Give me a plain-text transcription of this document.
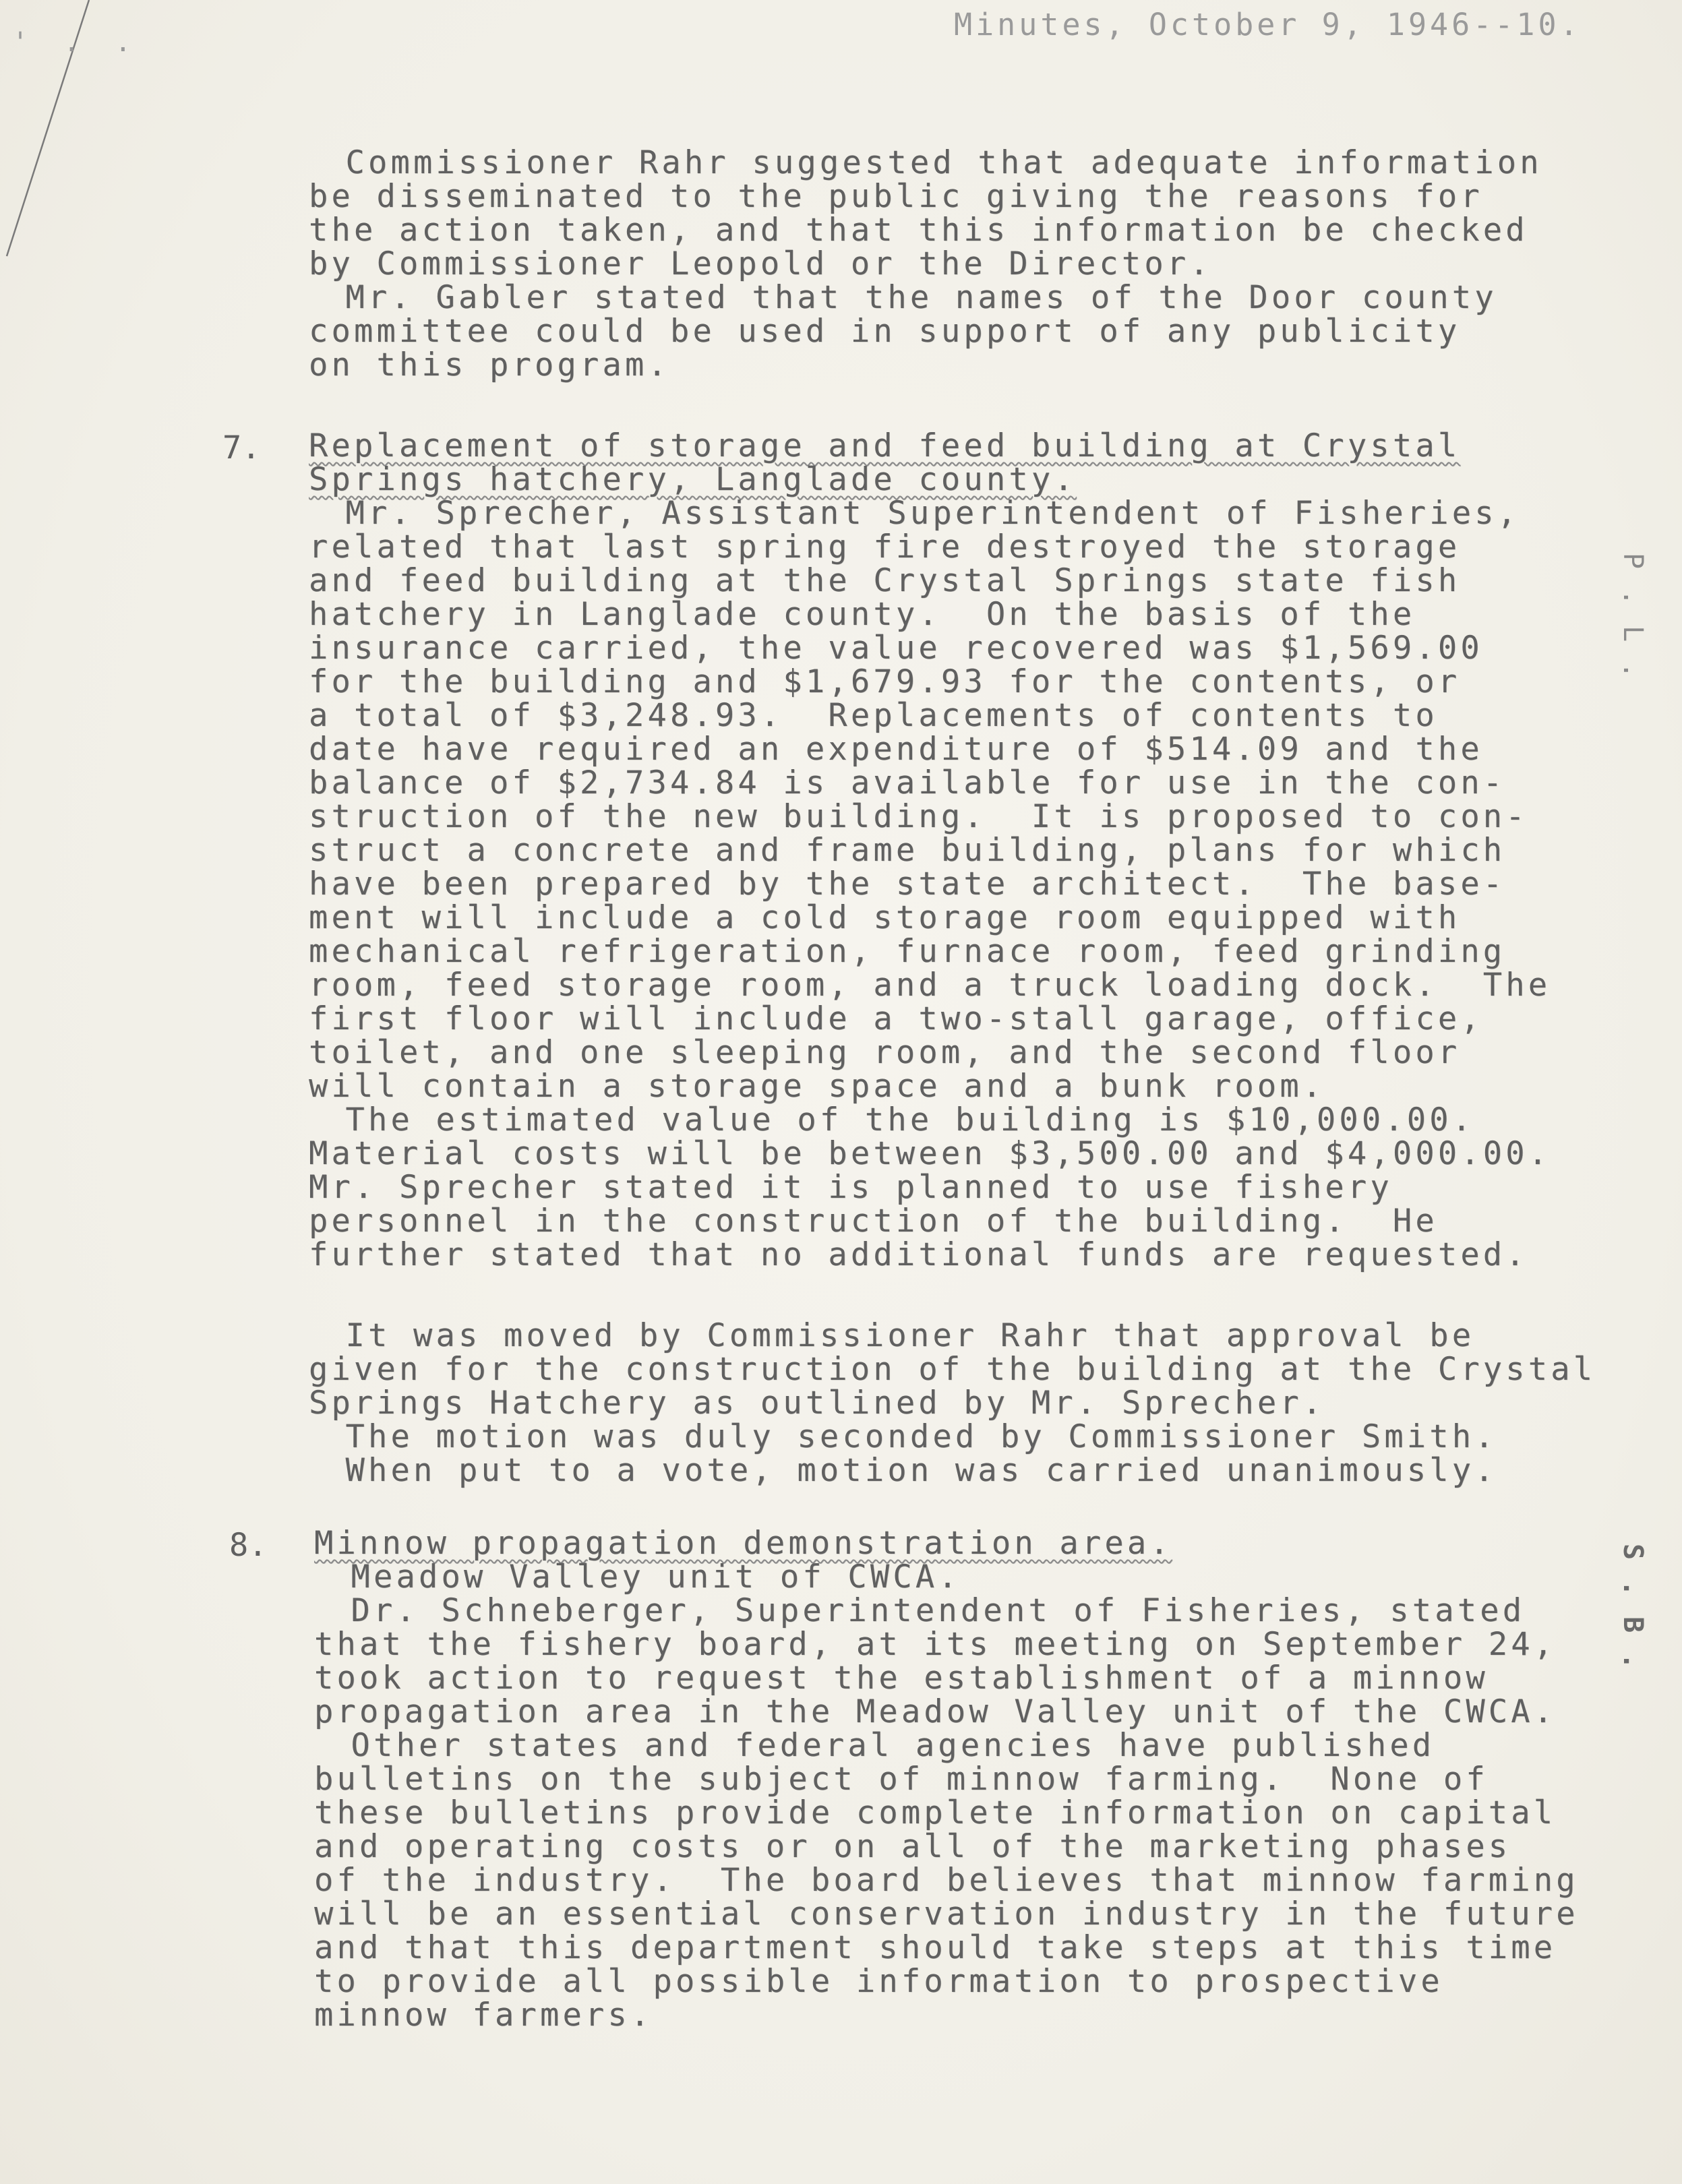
' . .	Minutes, October 9, 1946--10.
Commissioner Rahr suggested that adequate information
be disseminated to the public giving the reasons for
the action taken, and that this information be checked
by Commissioner Leopold or the Director.
Mr. Gabler stated that the names of the Door county
committee could be used in support of any publicity
on this program.
7. Replacement of storage and feed building at Crystal
Springs hatchery, Langlade county.
Mr. Sprecher, Assistant Superintendent of Fisheries,
related that last spring fire destroyed the storage
and feed building at the Crystal Springs state fish
hatchery in Langlade county.  On the basis of the
insurance carried, the value recovered was $1,569.00
for the building and $1,679.93 for the contents, or
a total of $3,248.93.  Replacements of contents to
date have required an expenditure of $514.09 and the
balance of $2,734.84 is available for use in the con-
struction of the new building.  It is proposed to con-
struct a concrete and frame building, plans for which
have been prepared by the state architect.  The base-
ment will include a cold storage room equipped with
mechanical refrigeration, furnace room, feed grinding
room, feed storage room, and a truck loading dock.  The
first floor will include a two-stall garage, office,
toilet, and one sleeping room, and the second floor
will contain a storage space and a bunk room.
The estimated value of the building is $10,000.00.
Material costs will be between $3,500.00 and $4,000.00.
Mr. Sprecher stated it is planned to use fishery
personnel in the construction of the building.  He
further stated that no additional funds are requested.
It was moved by Commissioner Rahr that approval be
given for the construction of the building at the Crystal
Springs Hatchery as outlined by Mr. Sprecher.
The motion was duly seconded by Commissioner Smith.
When put to a vote, motion was carried unanimously.
8. Minnow propagation demonstration area.
Meadow Valley unit of CWCA.
Dr. Schneberger, Superintendent of Fisheries, stated
that the fishery board, at its meeting on September 24,
took action to request the establishment of a minnow
propagation area in the Meadow Valley unit of the CWCA.
Other states and federal agencies have published
bulletins on the subject of minnow farming.  None of
these bulletins provide complete information on capital
and operating costs or on all of the marketing phases
of the industry.  The board believes that minnow farming
will be an essential conservation industry in the future
and that this department should take steps at this time
to provide all possible information to prospective
minnow farmers.
P.L.
S.B.
